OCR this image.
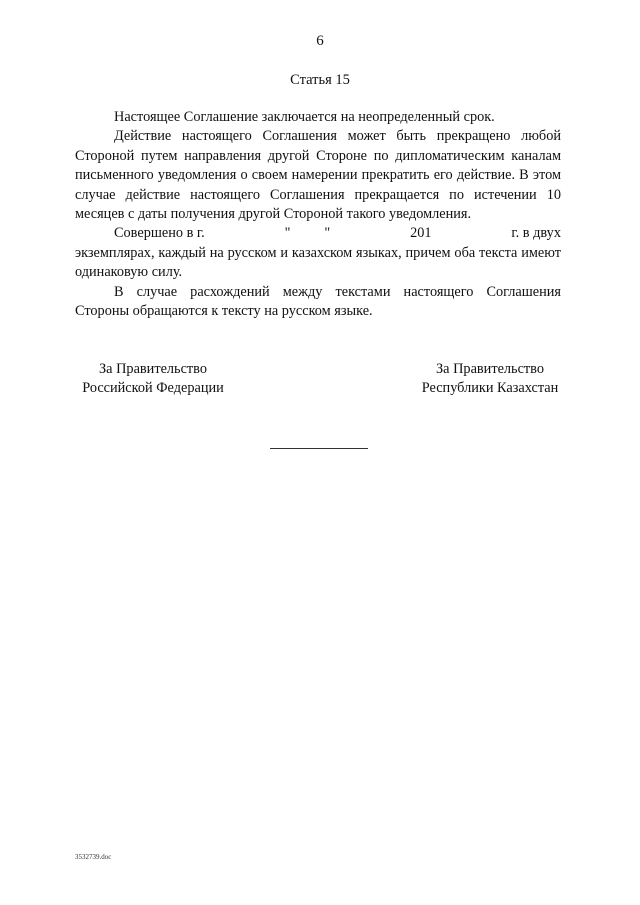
6
Статья 15

Настоящее Соглашение заключается на неопределенный срок.

Действие настоящего Соглашения может быть прекращено любой Стороной путем направления другой Стороне по дипломатическим каналам письменного уведомления о своем намерении прекратить его действие. В этом случае действие настоящего Соглашения прекращается по истечении 10 месяцев с даты получения другой Стороной такого уведомления.

Совершено в г.	" "	201	г. в двух

экземплярах, каждый на русском и казахском языках, причем оба текста имеют одинаковую силу.

В случае расхождений между текстами настоящего Соглашения Стороны обращаются к тексту на русском языке.

За Правительство
Российской Федерации
За Правительство
Республики Казахстан
3532739.doc
